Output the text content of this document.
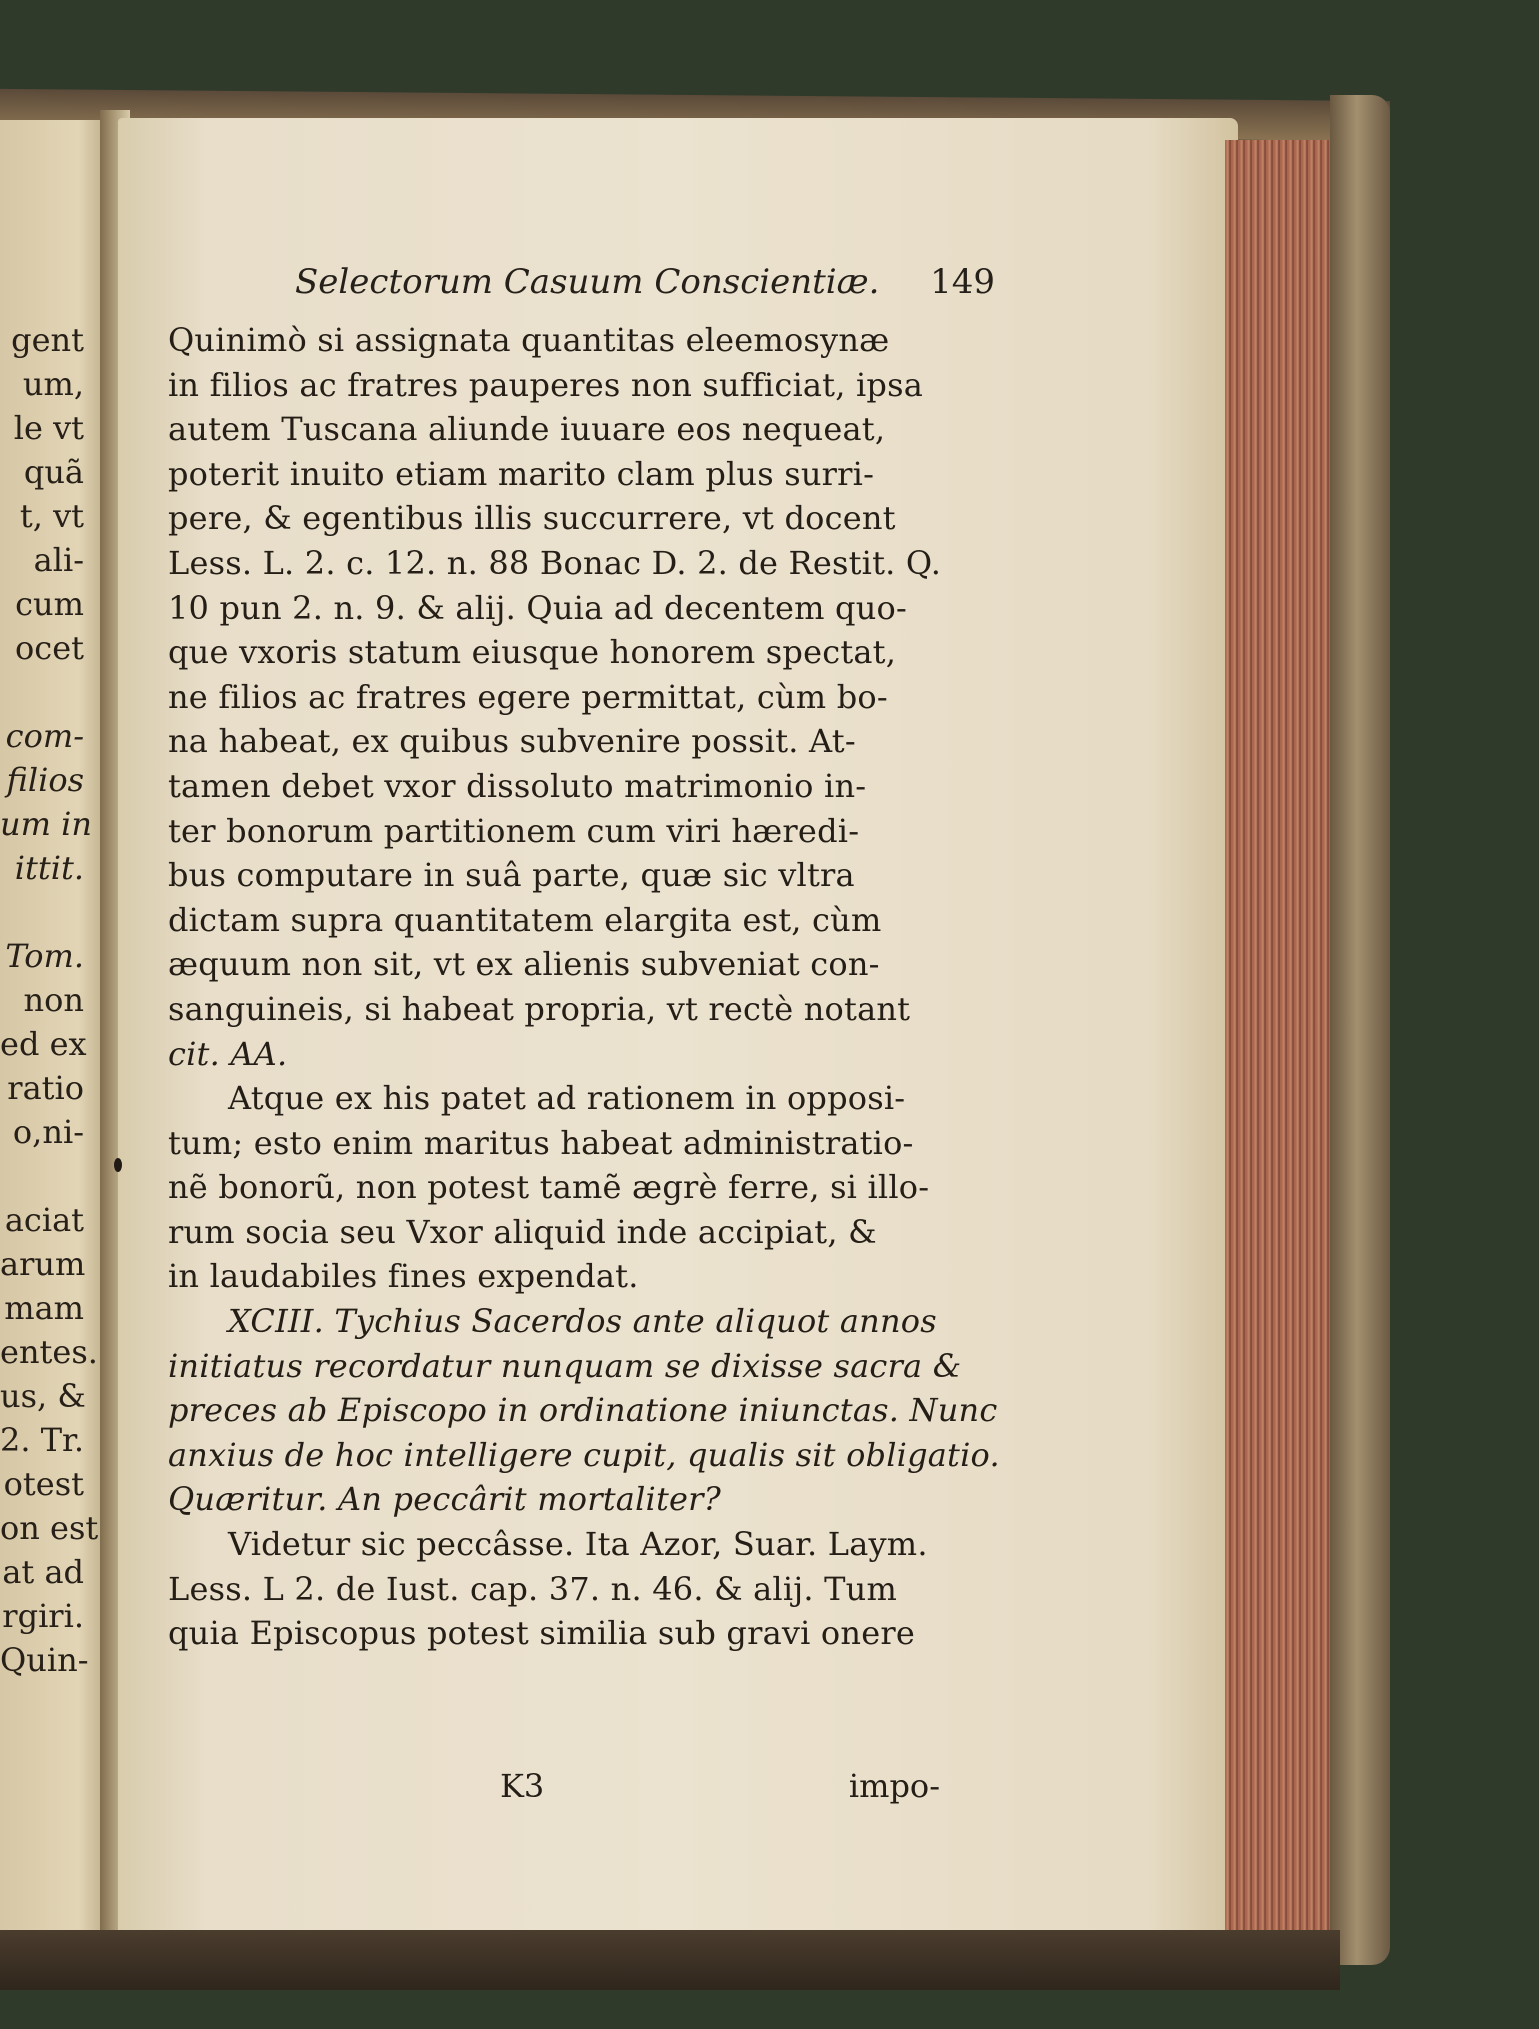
gent
um,
le vt
quã
t, vt
ali-
cum
ocet
com-
filios
um in
ittit.
Tom.
non
ed ex
ratio
o,ni-
aciat
arum
mam
entes.
us, &
2. Tr.
otest
on est
at ad
rgiri.
Quin-
Selectorum Casuum Conscientiæ. 149
Quinimò si assignata quantitas eleemosynæ
in filios ac fratres pauperes non sufficiat, ipsa
autem Tuscana aliunde iuuare eos nequeat,
poterit inuito etiam marito clam plus surri-
pere, & egentibus illis succurrere, vt docent
Less. L. 2. c. 12. n. 88 Bonac D. 2. de Restit. Q.
10 pun 2. n. 9. & alij. Quia ad decentem quo-
que vxoris statum eiusque honorem spectat,
ne filios ac fratres egere permittat, cùm bo-
na habeat, ex quibus subvenire possit. At-
tamen debet vxor dissoluto matrimonio in-
ter bonorum partitionem cum viri hæredi-
bus computare in suâ parte, quæ sic vltra
dictam supra quantitatem elargita est, cùm
æquum non sit, vt ex alienis subveniat con-
sanguineis, si habeat propria, vt rectè notant
cit. AA.
Atque ex his patet ad rationem in opposi-
tum; esto enim maritus habeat administratio-
nẽ bonorũ, non potest tamẽ ægrè ferre, si illo-
rum socia seu Vxor aliquid inde accipiat, &
in laudabiles fines expendat.
XCIII. Tychius Sacerdos ante aliquot annos
initiatus recordatur nunquam se dixisse sacra &
preces ab Episcopo in ordinatione iniunctas. Nunc
anxius de hoc intelligere cupit, qualis sit obligatio.
Quæritur. An peccârit mortaliter?
Videtur sic peccâsse. Ita Azor, Suar. Laym.
Less. L 2. de Iust. cap. 37. n. 46. & alij. Tum
quia Episcopus potest similia sub gravi onere
K3	impo-
